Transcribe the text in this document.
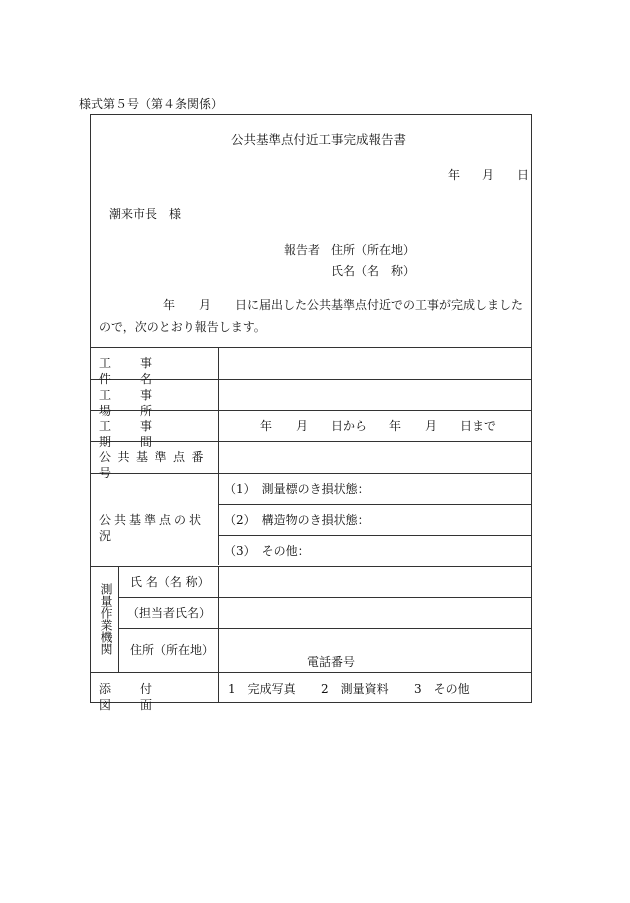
様式第５号（第４条関係）
公共基準点付近工事完成報告書
年 月 日
潮来市長　様
報告者 住所（所在地）
氏名（名　称）
年　　月　　日に届出した公共基準点付近での工事が完成しましたので，次のとおり報告します。
工事件名
工事場所
工事期間
公共基準点番号
公共基準点の状況
年 月 日から 年 月 日まで
（1）　測量標のき損状態：
（2）　構造物のき損状態：
（3）　その他：
測量作業機関
氏 名（名 称）
（担当者氏名）
住所（所在地）
電話番号
添付図面
1　完成写真 2　測量資料 3　その他
